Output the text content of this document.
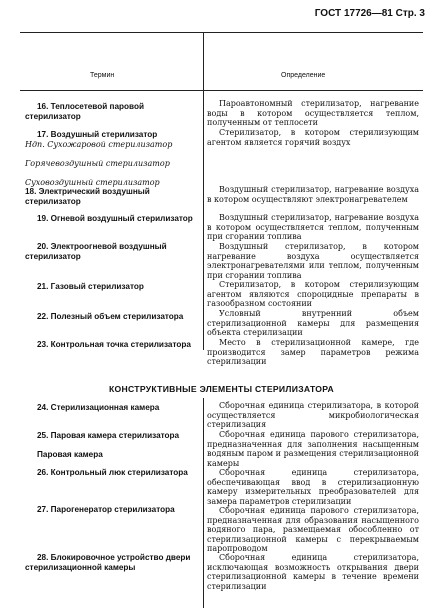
ГОСТ 17726—81 Стр. 3
Термин	Определение
16. Теплосетевой паровой стерилизатор
17. Воздушный стерилизатор
Ндп. Сухожаровой стерилизатор
Горячевоздушный стерилизатор
Суховоздушный стерилизатор
18. Электрический воздушный стерилизатор
19. Огневой воздушный стерилизатор
20. Электроогневой воздушный стерилизатор
21. Газовый стерилизатор
22. Полезный объем стерилизатора
23. Контрольная точка стерилизатора
КОНСТРУКТИВНЫЕ ЭЛЕМЕНТЫ СТЕРИЛИЗАТОРА
24. Стерилизационная камера
25. Паровая камера стерилизатора
Паровая камера
26. Контрольный люк стерилизатора
27. Парогенератор стерилизатора
28. Блокировочное устройство двери стерилизационной камеры
Пароавтономный стерилизатор, нагревание воды в котором осуществляется теплом, полученным от теплосети
Стерилизатор, в котором стерилизующим агентом является горячий воздух
Воздушный стерилизатор, нагревание воздуха в котором осуществляют электронагревателем
Воздушный стерилизатор, нагревание воздуха в котором осуществляется теплом, полученным при сгорании топлива
Воздушный стерилизатор, в котором нагревание воздуха осуществляется электронагревателями или теплом, полученным при сгорании топлива
Стерилизатор, в котором стерилизующим агентом являются спороцидные препараты в газообразном состоянии
Условный внутренний объем стерилизационной камеры для размещения объекта стерилизации
Место в стерилизационной камере, где производится замер параметров режима стерилизации
Сборочная единица стерилизатора, в которой осуществляется микробиологическая стерилизация
Сборочная единица парового стерилизатора, предназначенная для заполнения насыщенным водяным паром и размещения стерилизационной камеры
Сборочная единица стерилизатора, обеспечивающая ввод в стерилизационную камеру измерительных преобразователей для замера параметров стерилизации
Сборочная единица парового стерилизатора, предназначенная для образования насыщенного водяного пара, размещаемая обособленно от стерилизационной камеры с перекрываемым паропроводом
Сборочная единица стерилизатора, исключающая возможность открывания двери стерилизационной камеры в течение времени стерилизации
